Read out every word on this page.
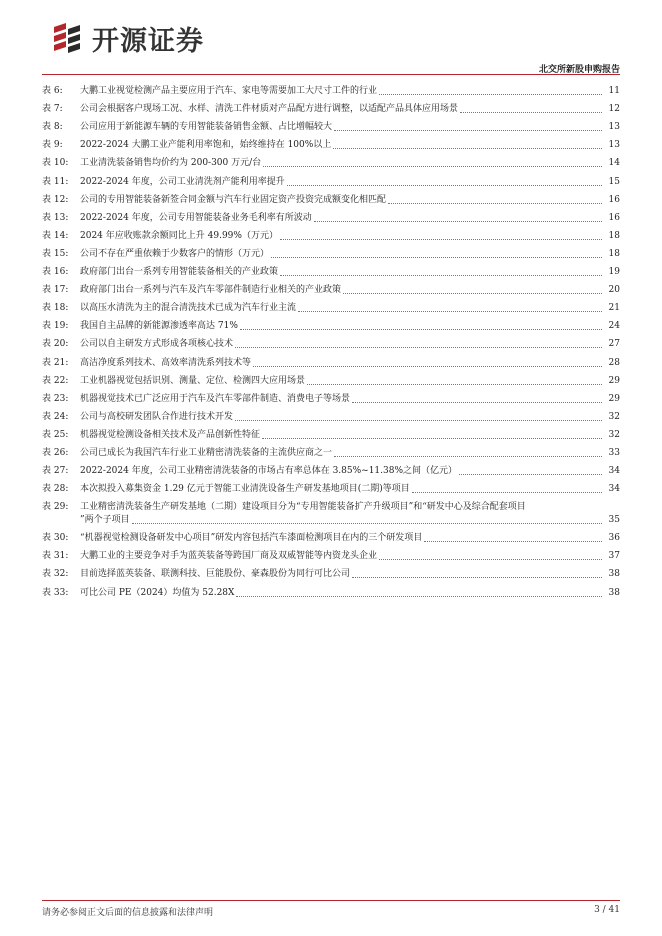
开源证券
北交所新股申购报告
表 6:	大鹏工业视觉检测产品主要应用于汽车、家电等需要加工大尺寸工件的行业	11
表 7:	公司会根据客户现场工况、水样、清洗工件材质对产品配方进行调整，以适配产品具体应用场景	12
表 8:	公司应用于新能源车辆的专用智能装备销售金额、占比增幅较大	13
表 9:	2022-2024 大鹏工业产能利用率饱和，始终维持在 100%以上	13
表 10:	工业清洗装备销售均价约为 200-300 万元/台	14
表 11:	2022-2024 年度，公司工业清洗剂产能利用率提升	15
表 12:	公司的专用智能装备新签合同金额与汽车行业固定资产投资完成额变化相匹配	16
表 13:	2022-2024 年度，公司专用智能装备业务毛利率有所波动	16
表 14:	2024 年应收账款余额同比上升 49.99%（万元）	18
表 15:	公司不存在严重依赖于少数客户的情形（万元）	18
表 16:	政府部门出台一系列专用智能装备相关的产业政策	19
表 17:	政府部门出台一系列与汽车及汽车零部件制造行业相关的产业政策	20
表 18:	以高压水清洗为主的混合清洗技术已成为汽车行业主流	21
表 19:	我国自主品牌的新能源渗透率高达 71%	24
表 20:	公司以自主研发方式形成各项核心技术	27
表 21:	高洁净度系列技术、高效率清洗系列技术等	28
表 22:	工业机器视觉包括识别、测量、定位、检测四大应用场景	29
表 23:	机器视觉技术已广泛应用于汽车及汽车零部件制造、消费电子等场景	29
表 24:	公司与高校研发团队合作进行技术开发	32
表 25:	机器视觉检测设备相关技术及产品创新性特征	32
表 26:	公司已成长为我国汽车行业工业精密清洗装备的主流供应商之一	33
表 27:	2022-2024 年度，公司工业精密清洗装备的市场占有率总体在 3.85%~11.38%之间（亿元）	34
表 28:	本次拟投入募集资金 1.29 亿元于智能工业清洗设备生产研发基地项目(二期)等项目	34
表 29:	工业精密清洗装备生产研发基地（二期）建设项目分为“专用智能装备扩产升级项目”和“研发中心及综合配套项目
”两个子项目	35
表 30:	“机器视觉检测设备研发中心项目”研发内容包括汽车漆面检测项目在内的三个研发项目	36
表 31:	大鹏工业的主要竞争对手为蓝英装备等跨国厂商及双威智能等内资龙头企业	37
表 32:	目前选择蓝英装备、联测科技、巨能股份、豪森股份为同行可比公司	38
表 33:	可比公司 PE（2024）均值为 52.28X	38
请务必参阅正文后面的信息披露和法律声明	3 / 41
